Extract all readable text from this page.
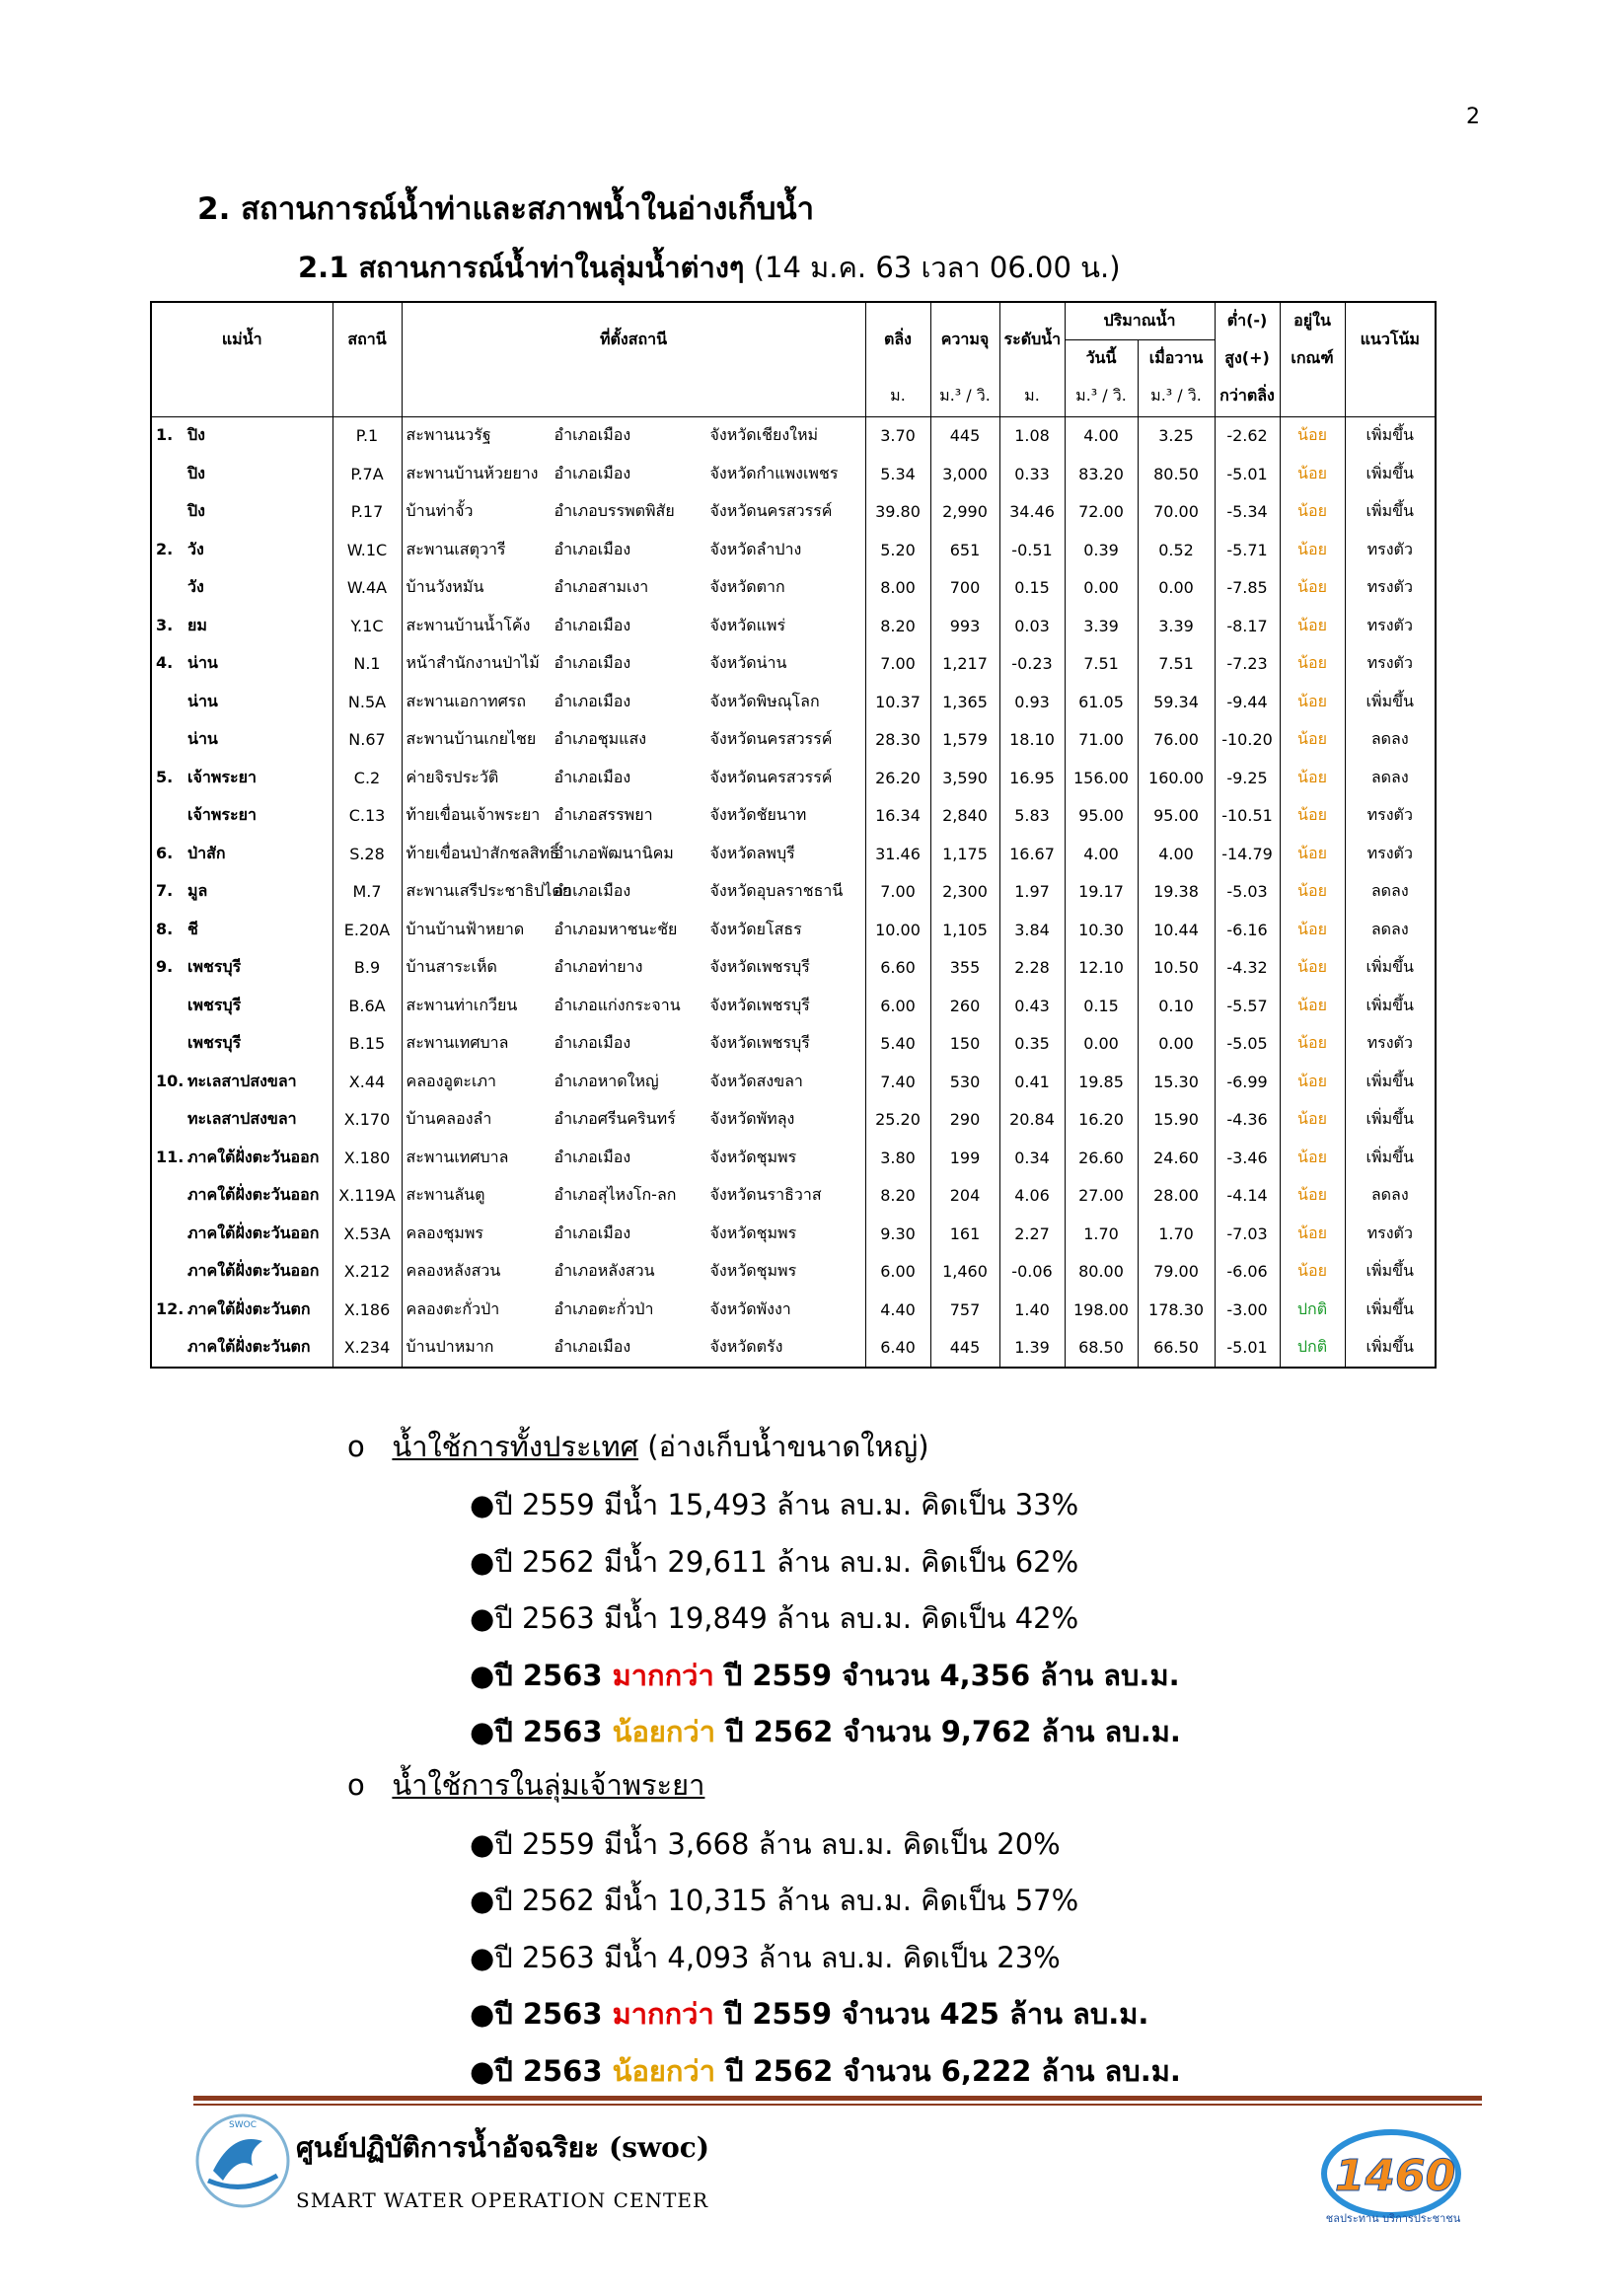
2
2. สถานการณ์น้ำท่าและสภาพน้ำในอ่างเก็บน้ำ
2.1 สถานการณ์น้ำท่าในลุ่มน้ำต่างๆ (14 ม.ค. 63 เวลา 06.00 น.)
แม่น้ำ	สถานี	ที่ตั้งสถานี	ตลิ่ง	ความจุ	ระดับน้ำ	ปริมาณน้ำ		ต่ำ(-)	อยู่ใน	แนวโน้ม
						วันนี้	เมื่อวาน	สูง(+)	เกณฑ์	
			ม.	ม.³ / วิ.	ม.	ม.³ / วิ.	ม.³ / วิ.	กว่าตลิ่ง		
1. ปิง	P.1	สะพานนวรัฐ อำเภอเมือง จังหวัดเชียงใหม่	3.70	445	1.08	4.00	3.25	-2.62	น้อย	เพิ่มขึ้น
ปิง	P.7A	สะพานบ้านห้วยยาง อำเภอเมือง จังหวัดกำแพงเพชร	5.34	3,000	0.33	83.20	80.50	-5.01	น้อย	เพิ่มขึ้น
ปิง	P.17	บ้านท่าจั้ว อำเภอบรรพตพิสัย จังหวัดนครสวรรค์	39.80	2,990	34.46	72.00	70.00	-5.34	น้อย	เพิ่มขึ้น
2. วัง	W.1C	สะพานเสตุวารี อำเภอเมือง จังหวัดลำปาง	5.20	651	-0.51	0.39	0.52	-5.71	น้อย	ทรงตัว
วัง	W.4A	บ้านวังหมัน อำเภอสามเงา จังหวัดตาก	8.00	700	0.15	0.00	0.00	-7.85	น้อย	ทรงตัว
3. ยม	Y.1C	สะพานบ้านน้ำโค้ง อำเภอเมือง จังหวัดแพร่	8.20	993	0.03	3.39	3.39	-8.17	น้อย	ทรงตัว
4. น่าน	N.1	หน้าสำนักงานป่าไม้ อำเภอเมือง จังหวัดน่าน	7.00	1,217	-0.23	7.51	7.51	-7.23	น้อย	ทรงตัว
น่าน	N.5A	สะพานเอกาทศรถ อำเภอเมือง จังหวัดพิษณุโลก	10.37	1,365	0.93	61.05	59.34	-9.44	น้อย	เพิ่มขึ้น
น่าน	N.67	สะพานบ้านเกยไชย อำเภอชุมแสง จังหวัดนครสวรรค์	28.30	1,579	18.10	71.00	76.00	-10.20	น้อย	ลดลง
5. เจ้าพระยา	C.2	ค่ายจิรประวัติ อำเภอเมือง จังหวัดนครสวรรค์	26.20	3,590	16.95	156.00	160.00	-9.25	น้อย	ลดลง
เจ้าพระยา	C.13	ท้ายเขื่อนเจ้าพระยา อำเภอสรรพยา จังหวัดชัยนาท	16.34	2,840	5.83	95.00	95.00	-10.51	น้อย	ทรงตัว
6. ป่าสัก	S.28	ท้ายเขื่อนป่าสักชลสิทธิ์อำเภอพัฒนานิคม จังหวัดลพบุรี	31.46	1,175	16.67	4.00	4.00	-14.79	น้อย	ทรงตัว
7. มูล	M.7	สะพานเสรีประชาธิปไตยอำเภอเมือง จังหวัดอุบลราชธานี	7.00	2,300	1.97	19.17	19.38	-5.03	น้อย	ลดลง
8. ชี	E.20A	บ้านบ้านฟ้าหยาด อำเภอมหาชนะชัย จังหวัดยโสธร	10.00	1,105	3.84	10.30	10.44	-6.16	น้อย	ลดลง
9. เพชรบุรี	B.9	บ้านสาระเห็ด อำเภอท่ายาง จังหวัดเพชรบุรี	6.60	355	2.28	12.10	10.50	-4.32	น้อย	เพิ่มขึ้น
เพชรบุรี	B.6A	สะพานท่าเกวียน อำเภอแก่งกระจาน จังหวัดเพชรบุรี	6.00	260	0.43	0.15	0.10	-5.57	น้อย	เพิ่มขึ้น
เพชรบุรี	B.15	สะพานเทศบาล อำเภอเมือง จังหวัดเพชรบุรี	5.40	150	0.35	0.00	0.00	-5.05	น้อย	ทรงตัว
10. ทะเลสาปสงขลา	X.44	คลองอูตะเภา อำเภอหาดใหญ่ จังหวัดสงขลา	7.40	530	0.41	19.85	15.30	-6.99	น้อย	เพิ่มขึ้น
ทะเลสาปสงขลา	X.170	บ้านคลองลำ อำเภอศรีนครินทร์ จังหวัดพัทลุง	25.20	290	20.84	16.20	15.90	-4.36	น้อย	เพิ่มขึ้น
11. ภาคใต้ฝั่งตะวันออก	X.180	สะพานเทศบาล อำเภอเมือง จังหวัดชุมพร	3.80	199	0.34	26.60	24.60	-3.46	น้อย	เพิ่มขึ้น
ภาคใต้ฝั่งตะวันออก	X.119A	สะพานลันตู อำเภอสุไหงโก-ลก จังหวัดนราธิวาส	8.20	204	4.06	27.00	28.00	-4.14	น้อย	ลดลง
ภาคใต้ฝั่งตะวันออก	X.53A	คลองชุมพร อำเภอเมือง จังหวัดชุมพร	9.30	161	2.27	1.70	1.70	-7.03	น้อย	ทรงตัว
ภาคใต้ฝั่งตะวันออก	X.212	คลองหลังสวน อำเภอหลังสวน จังหวัดชุมพร	6.00	1,460	-0.06	80.00	79.00	-6.06	น้อย	เพิ่มขึ้น
12. ภาคใต้ฝั่งตะวันตก	X.186	คลองตะกั่วป่า อำเภอตะกั่วป่า จังหวัดพังงา	4.40	757	1.40	198.00	178.30	-3.00	ปกติ	เพิ่มขึ้น
ภาคใต้ฝั่งตะวันตก	X.234	บ้านปาหมาก อำเภอเมือง จังหวัดตรัง	6.40	445	1.39	68.50	66.50	-5.01	ปกติ	เพิ่มขึ้น
o น้ำใช้การทั้งประเทศ (อ่างเก็บน้ำขนาดใหญ่)
●ปี 2559 มีน้ำ 15,493 ล้าน ลบ.ม. คิดเป็น 33%
●ปี 2562 มีน้ำ 29,611 ล้าน ลบ.ม. คิดเป็น 62%
●ปี 2563 มีน้ำ 19,849 ล้าน ลบ.ม. คิดเป็น 42%
●ปี 2563 มากกว่า ปี 2559 จำนวน 4,356 ล้าน ลบ.ม.
●ปี 2563 น้อยกว่า ปี 2562 จำนวน 9,762 ล้าน ลบ.ม.
o น้ำใช้การในลุ่มเจ้าพระยา
●ปี 2559 มีน้ำ 3,668 ล้าน ลบ.ม. คิดเป็น 20%
●ปี 2562 มีน้ำ 10,315 ล้าน ลบ.ม. คิดเป็น 57%
●ปี 2563 มีน้ำ 4,093 ล้าน ลบ.ม. คิดเป็น 23%
●ปี 2563 มากกว่า ปี 2559 จำนวน 425 ล้าน ลบ.ม.
●ปี 2563 น้อยกว่า ปี 2562 จำนวน 6,222 ล้าน ลบ.ม.
SWOC
ศูนย์ปฏิบัติการน้ำอัจฉริยะ (swoc)
SMART WATER OPERATION CENTER	1460
ชลประทาน บริการประชาชน
